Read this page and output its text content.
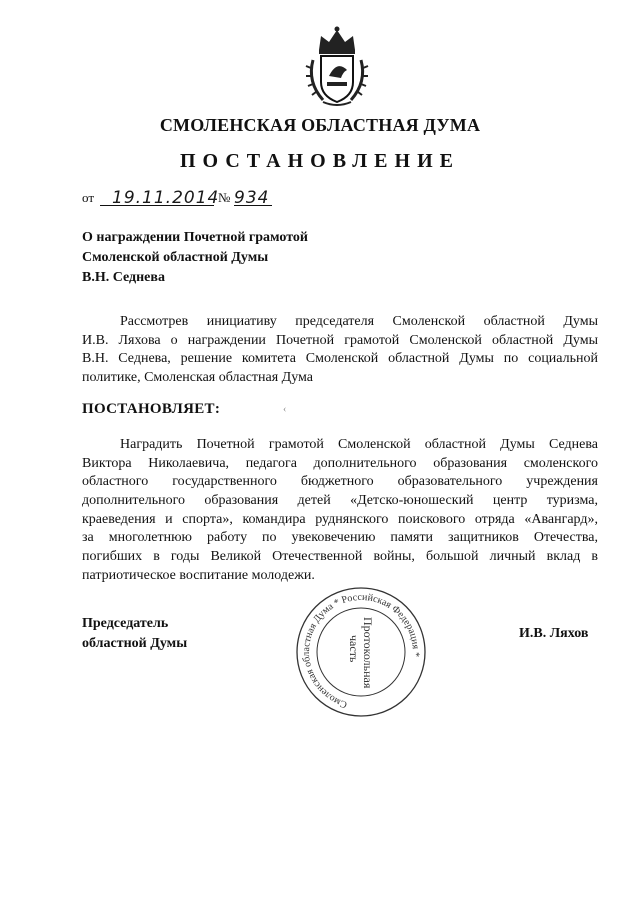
СМОЛЕНСКАЯ ОБЛАСТНАЯ ДУМА
ПОСТАНОВЛЕНИЕ
от 19.11.2014
№ 934
О награждении Почетной грамотой
Смоленской областной Думы
В.Н. Седнева
Рассмотрев инициативу председателя Смоленской областной Думы
И.В. Ляхова о награждении Почетной грамотой Смоленской областной Думы
В.Н. Седнева, решение комитета Смоленской областной Думы по социальной
политике, Смоленская областная Дума
ПОСТАНОВЛЯЕТ:	‹
Наградить Почетной грамотой Смоленской областной Думы Седнева
Виктора Николаевича, педагога дополнительного образования смоленского
областного государственного бюджетного образовательного учреждения
дополнительного образования детей «Детско-юношеский центр туризма,
краеведения и спорта», командира руднянского поискового отряда «Авангард»,
за многолетнюю работу по увековечению памяти защитников Отечества,
погибших в годы Великой Отечественной войны, большой личный вклад в
патриотическое воспитание молодежи.
Председатель
областной Думы
И.В. Ляхов
Смоленская областная Дума * Российская Федерация *
Протокольная
часть
